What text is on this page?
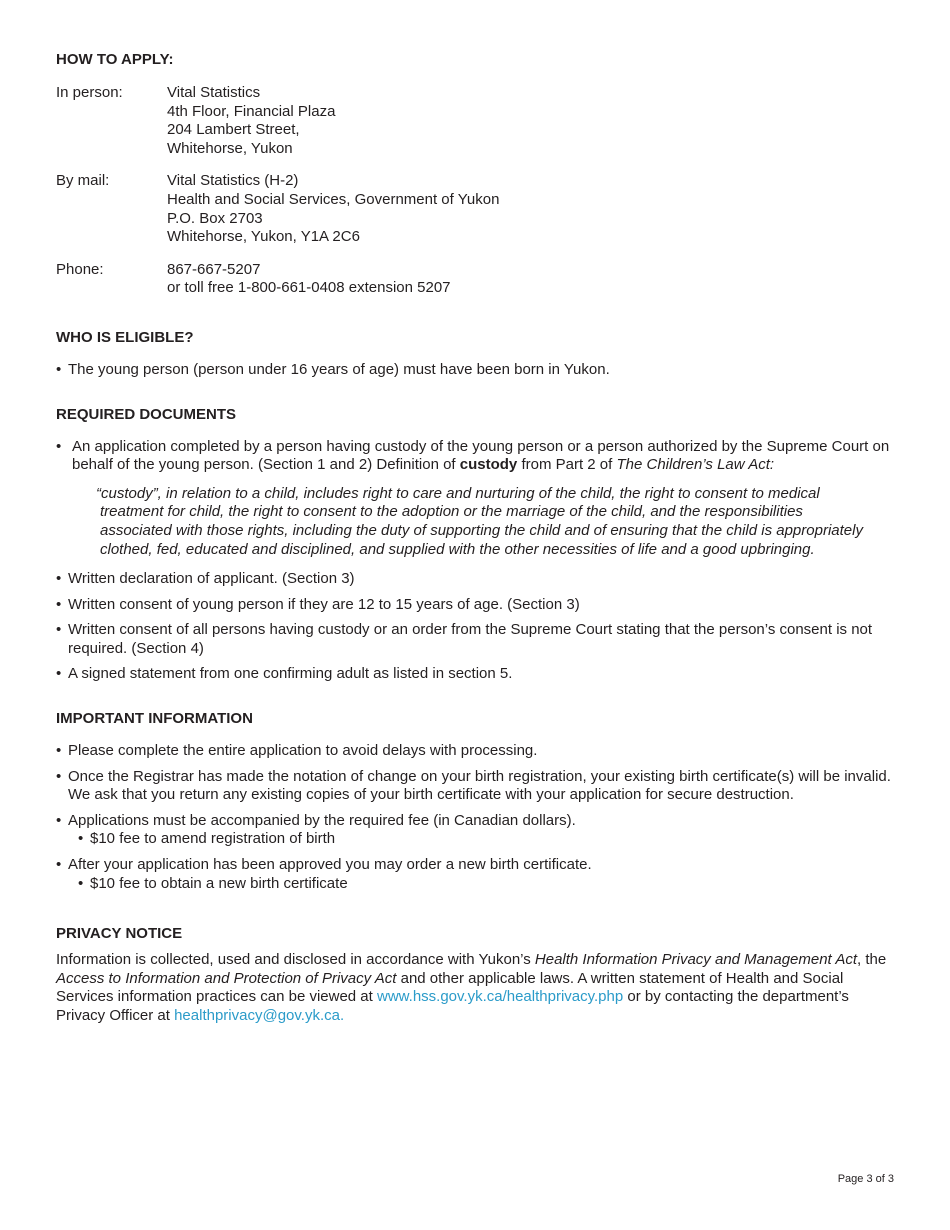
HOW TO APPLY:
In person:	Vital Statistics
4th Floor, Financial Plaza
204 Lambert Street,
Whitehorse, Yukon
By mail:	Vital Statistics (H-2)
Health and Social Services, Government of Yukon
P.O. Box 2703
Whitehorse, Yukon, Y1A 2C6
Phone:	867-667-5207
or toll free 1-800-661-0408 extension 5207
WHO IS ELIGIBLE?
• The young person (person under 16 years of age) must have been born in Yukon.
REQUIRED DOCUMENTS
• An application completed by a person having custody of the young person or a person authorized by the Supreme Court on behalf of the young person. (Section 1 and 2) Definition of custody from Part 2 of The Children’s Law Act:
“custody”, in relation to a child, includes right to care and nurturing of the child, the right to consent to medical treatment for child, the right to consent to the adoption or the marriage of the child, and the responsibilities associated with those rights, including the duty of supporting the child and of ensuring that the child is appropriately clothed, fed, educated and disciplined, and supplied with the other necessities of life and a good upbringing.
• Written declaration of applicant. (Section 3)
• Written consent of young person if they are 12 to 15 years of age. (Section 3)
• Written consent of all persons having custody or an order from the Supreme Court stating that the person’s consent is not required. (Section 4)
• A signed statement from one confirming adult as listed in section 5.
IMPORTANT INFORMATION
• Please complete the entire application to avoid delays with processing.
• Once the Registrar has made the notation of change on your birth registration, your existing birth certificate(s) will be invalid. We ask that you return any existing copies of your birth certificate with your application for secure destruction.
• Applications must be accompanied by the required fee (in Canadian dollars).
• $10 fee to amend registration of birth
• After your application has been approved you may order a new birth certificate.
• $10 fee to obtain a new birth certificate
PRIVACY NOTICE
Information is collected, used and disclosed in accordance with Yukon’s Health Information Privacy and Management Act, the Access to Information and Protection of Privacy Act and other applicable laws. A written statement of Health and Social Services information practices can be viewed at www.hss.gov.yk.ca/healthprivacy.php or by contacting the department’s Privacy Officer at healthprivacy@gov.yk.ca.
Page 3 of 3
